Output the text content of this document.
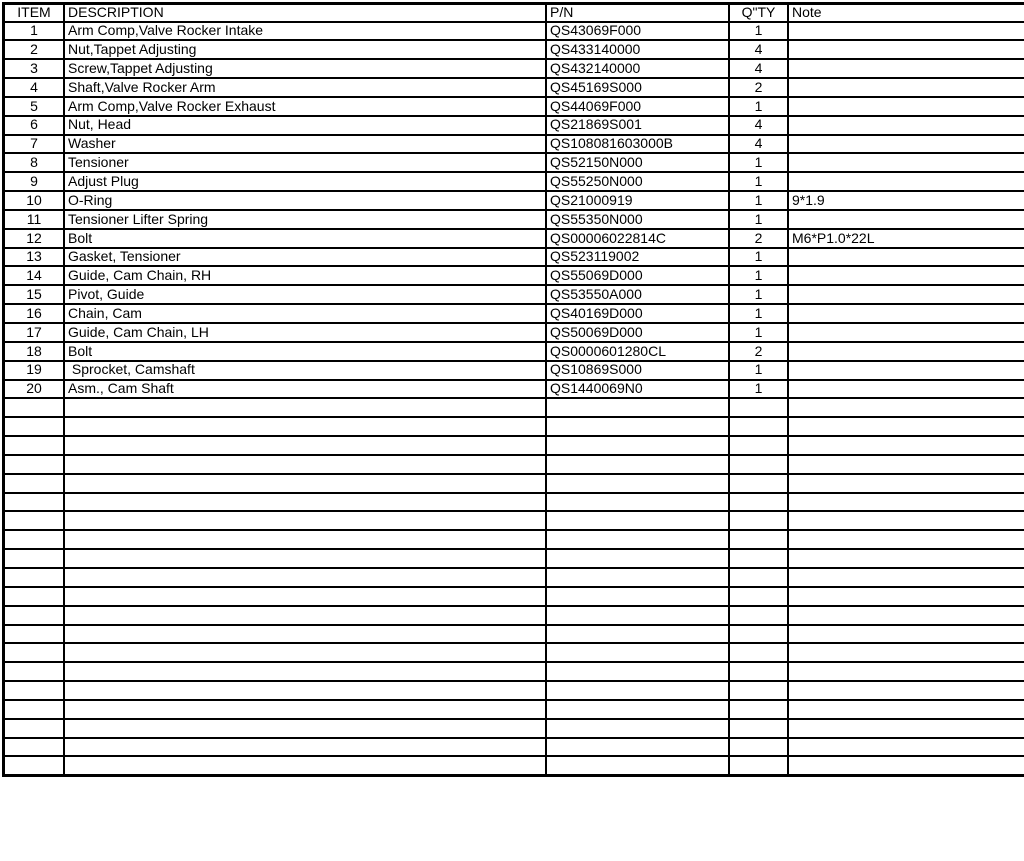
ITEM	DESCRIPTION	P/N	Q"TY	Note
1	Arm Comp,Valve Rocker Intake	QS43069F000	1	
2	Nut,Tappet Adjusting	QS433140000	4	
3	Screw,Tappet Adjusting	QS432140000	4	
4	Shaft,Valve Rocker Arm	QS45169S000	2	
5	Arm Comp,Valve Rocker Exhaust	QS44069F000	1	
6	Nut, Head	QS21869S001	4	
7	Washer	QS108081603000B	4	
8	Tensioner	QS52150N000	1	
9	Adjust Plug	QS55250N000	1	
10	O-Ring	QS21000919	1	9*1.9
11	Tensioner Lifter Spring	QS55350N000	1	
12	Bolt	QS00006022814C	2	M6*P1.0*22L
13	Gasket, Tensioner	QS523119002	1	
14	Guide, Cam Chain, RH	QS55069D000	1	
15	Pivot, Guide	QS53550A000	1	
16	Chain, Cam	QS40169D000	1	
17	Guide, Cam Chain, LH	QS50069D000	1	
18	Bolt	QS0000601280CL	2	
19	Sprocket, Camshaft	QS10869S000	1	
20	Asm., Cam Shaft	QS1440069N0	1	
